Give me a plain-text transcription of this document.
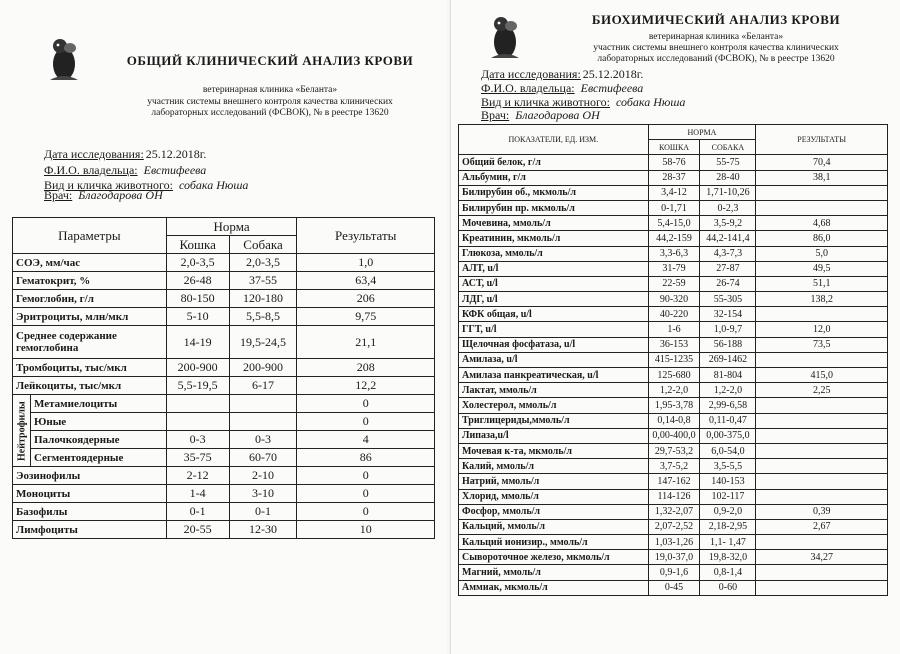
ОБЩИЙ КЛИНИЧЕСКИЙ АНАЛИЗ КРОВИ
ветеринарная клиника «Беланта»
участник системы внешнего контроля качества клинических
лабораторных исследований (ФСВОК), № в реестре 13620
Дата исследования: 25.12.2018г.
Ф.И.О. владельца: Евстифеева
Вид и кличка животного: собака Нюша
Врач: Благодарова ОН
Параметры		Норма		Результаты
		Кошка	Собака	
СОЭ, мм/час		2,0-3,5	2,0-3,5	1,0
Гематокрит, %		26-48	37-55	63,4
Гемоглобин, г/л		80-150	120-180	206
Эритроциты, млн/мкл		5-10	5,5-8,5	9,75
Среднее содержание гемоглобина		14-19	19,5-24,5	21,1
Тромбоциты, тыс/мкл		200-900	200-900	208
Лейкоциты, тыс/мкл		5,5-19,5	6-17	12,2
Нейтрофилы	Метамиелоциты			0
	Юные			0
	Палочкоядерные	0-3	0-3	4
	Сегментоядерные	35-75	60-70	86
Эозинофилы		2-12	2-10	0
Моноциты		1-4	3-10	0
Базофилы		0-1	0-1	0
Лимфоциты		20-55	12-30	10
БИОХИМИЧЕСКИЙ АНАЛИЗ КРОВИ
ветеринарная клиника «Беланта»
участник системы внешнего контроля качества клинических
лабораторных исследований (ФСВОК), № в реестре 13620
Дата исследования: 25.12.2018г.
Ф.И.О. владельца: Евстифеева
Вид и кличка животного: собака Нюша
Врач: Благодарова ОН
ПОКАЗАТЕЛИ, ЕД. ИЗМ.	НОРМА		РЕЗУЛЬТАТЫ
	КОШКА	СОБАКА	
Общий белок, г/л	58-76	55-75	70,4
Альбумин, г/л	28-37	28-40	38,1
Билирубин об., мкмоль/л	3,4-12	1,71-10,26	
Билирубин пр. мкмоль/л	0-1,71	0-2,3	
Мочевина, ммоль/л	5,4-15,0	3,5-9,2	4,68
Креатинин, мкмоль/л	44,2-159	44,2-141,4	86,0
Глюкоза, ммоль/л	3,3-6,3	4,3-7,3	5,0
АЛТ, u/l	31-79	27-87	49,5
АСТ, u/l	22-59	26-74	51,1
ЛДГ, u/l	90-320	55-305	138,2
КФК общая, u/l	40-220	32-154	
ГГТ, u/l	1-6	1,0-9,7	12,0
Щелочная фосфатаза, u/l	36-153	56-188	73,5
Амилаза, u/l	415-1235	269-1462	
Амилаза панкреатическая, u/l	125-680	81-804	415,0
Лактат, ммоль/л	1,2-2,0	1,2-2,0	2,25
Холестерол, ммоль/л	1,95-3,78	2,99-6,58	
Триглицериды,ммоль/л	0,14-0,8	0,11-0,47	
Липаза,u/l	0,00-400,0	0,00-375,0	
Мочевая к-та, мкмоль/л	29,7-53,2	6,0-54,0	
Калий, ммоль/л	3,7-5,2	3,5-5,5	
Натрий, ммоль/л	147-162	140-153	
Хлорид, ммоль/л	114-126	102-117	
Фосфор, ммоль/л	1,32-2,07	0,9-2,0	0,39
Кальций, ммоль/л	2,07-2,52	2,18-2,95	2,67
Кальций ионизир., ммоль/л	1,03-1,26	1,1- 1,47	
Сывороточное железо, мкмоль/л	19,0-37,0	19,8-32,0	34,27
Магний, ммоль/л	0,9-1,6	0,8-1,4	
Аммиак, мкмоль/л	0-45	0-60	
